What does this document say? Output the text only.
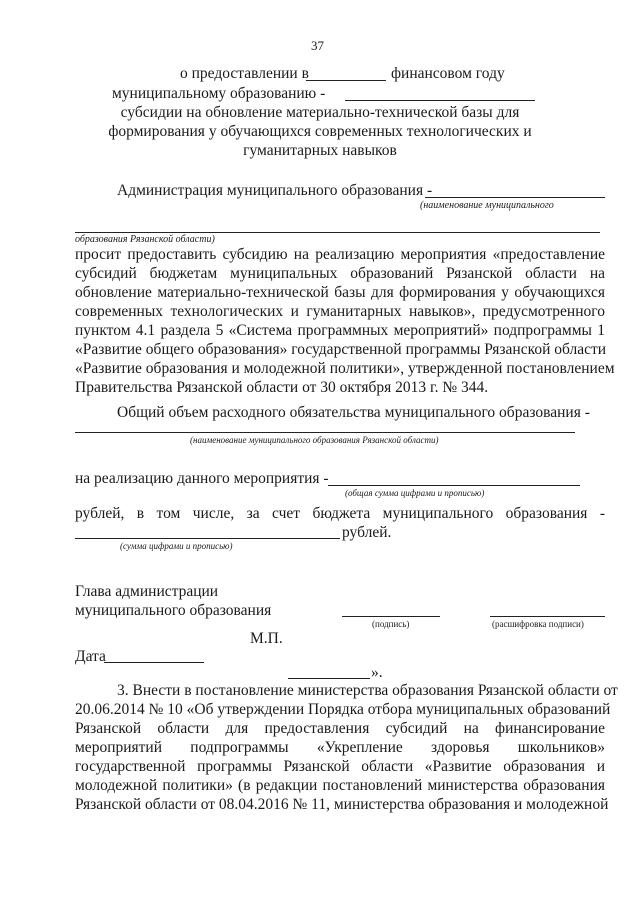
37
о предоставлении в	финансовом году
муниципальному образованию -
субсидии на обновление материально-технической базы для
формирования у обучающихся современных технологических и
гуманитарных навыков
Администрация муниципального образования -
(наименование муниципального
образования Рязанской области)
просит предоставить субсидию на реализацию мероприятия «предоставление
субсидий бюджетам муниципальных образований Рязанской области на
обновление материально-технической базы для формирования у обучающихся
современных технологических и гуманитарных навыков», предусмотренного
пунктом 4.1 раздела 5 «Система программных мероприятий» подпрограммы 1
«Развитие общего образования» государственной программы Рязанской области
«Развитие образования и молодежной политики», утвержденной постановлением
Правительства Рязанской области от 30 октября 2013 г. № 344.
Общий объем расходного обязательства муниципального образования -
(наименование муниципального образования Рязанской области)
на реализацию данного мероприятия -
(общая сумма цифрами и прописью)
рублей, в том числе, за счет бюджета муниципального образования -
рублей.
(сумма цифрами и прописью)
Глава администрации
муниципального образования
(подпись)	(расшифровка подписи)
М.П.
Дата
».
3. Внести в постановление министерства образования Рязанской области от
20.06.2014 № 10 «Об утверждении Порядка отбора муниципальных образований
Рязанской области для предоставления субсидий на финансирование
мероприятий подпрограммы «Укрепление здоровья школьников»
государственной программы Рязанской области «Развитие образования и
молодежной политики» (в редакции постановлений министерства образования
Рязанской области от 08.04.2016 № 11, министерства образования и молодежной
